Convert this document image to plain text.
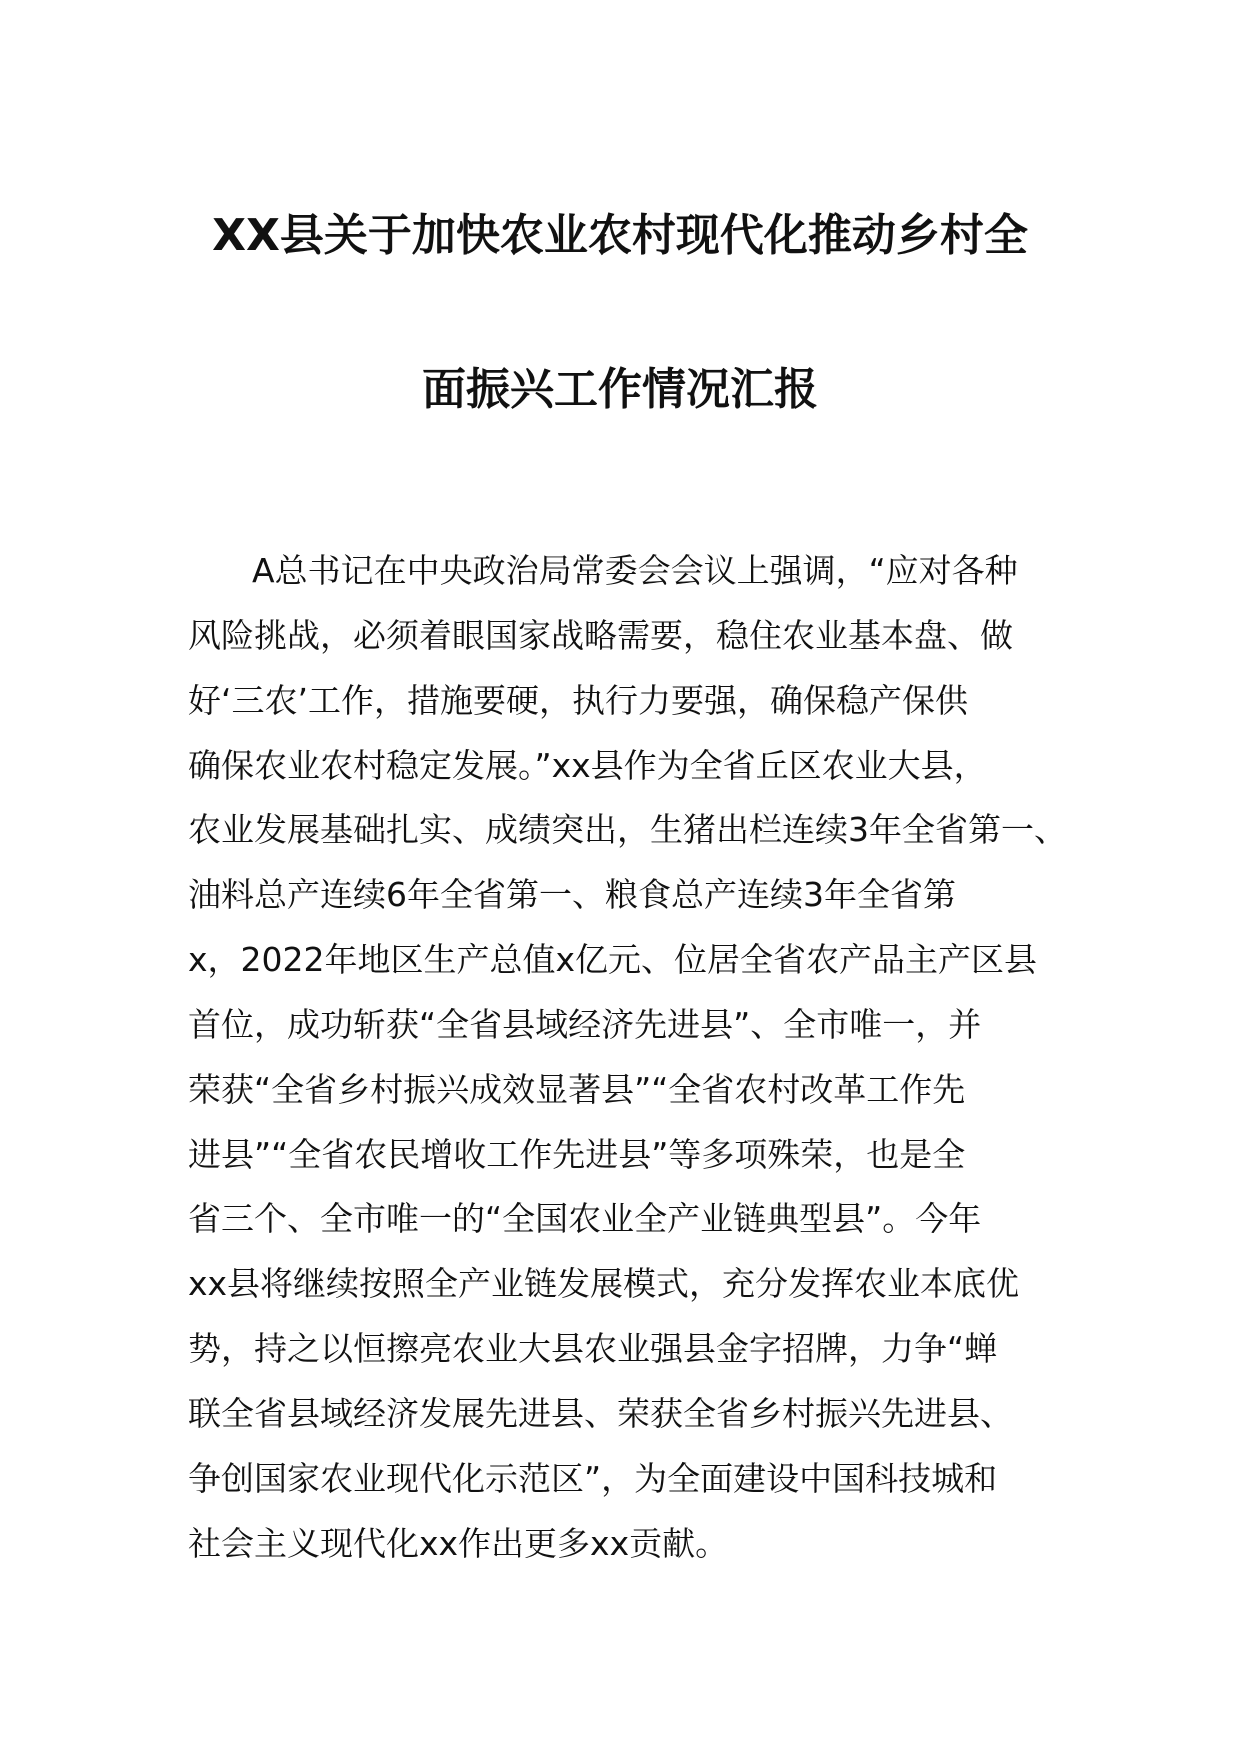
XX县关于加快农业农村现代化推动乡村全
面振兴工作情况汇报
A总书记在中央政治局常委会会议上强调，“应对各种
风险挑战，必须着眼国家战略需要，稳住农业基本盘、做
好‘三农’工作，措施要硬，执行力要强，确保稳产保供
确保农业农村稳定发展。”xx县作为全省丘区农业大县，
农业发展基础扎实、成绩突出，生猪出栏连续3年全省第一、
油料总产连续6年全省第一、粮食总产连续3年全省第
x，2022年地区生产总值x亿元、位居全省农产品主产区县
首位，成功斩获“全省县域经济先进县”、全市唯一，并
荣获“全省乡村振兴成效显著县”“全省农村改革工作先
进县”“全省农民增收工作先进县”等多项殊荣，也是全
省三个、全市唯一的“全国农业全产业链典型县”。今年
xx县将继续按照全产业链发展模式，充分发挥农业本底优
势，持之以恒擦亮农业大县农业强县金字招牌，力争“蝉
联全省县域经济发展先进县、荣获全省乡村振兴先进县、
争创国家农业现代化示范区”，为全面建设中国科技城和
社会主义现代化xx作出更多xx贡献。
